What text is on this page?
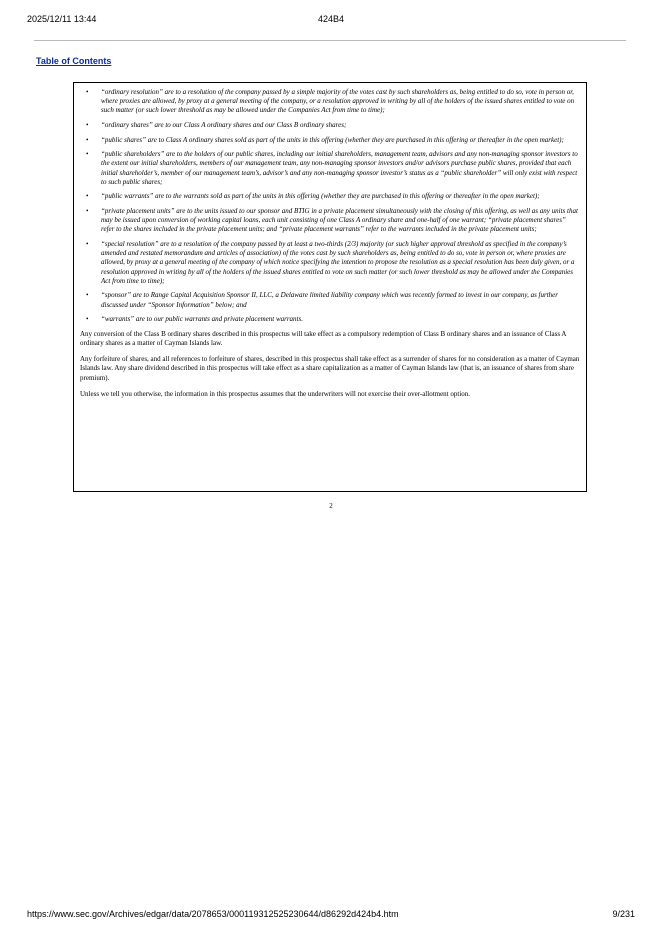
2025/12/11 13:44	424B4
Table of Contents
• “ordinary resolution” are to a resolution of the company passed by a simple majority of the votes cast by such shareholders as, being entitled to do so, vote in person or, where proxies are allowed, by proxy at a general meeting of the company, or a resolution approved in writing by all of the holders of the issued shares entitled to vote on such matter (or such lower threshold as may be allowed under the Companies Act from time to time);
• “ordinary shares” are to our Class A ordinary shares and our Class B ordinary shares;
• “public shares” are to Class A ordinary shares sold as part of the units in this offering (whether they are purchased in this offering or thereafter in the open market);
• “public shareholders” are to the holders of our public shares, including our initial shareholders, management team, advisors and any non-managing sponsor investors to the extent our initial shareholders, members of our management team, any non-managing sponsor investors and/or advisors purchase public shares, provided that each initial shareholder’s, member of our management team’s, advisor’s and any non-managing sponsor investor’s status as a “public shareholder” will only exist with respect to such public shares;
• “public warrants” are to the warrants sold as part of the units in this offering (whether they are purchased in this offering or thereafter in the open market);
• “private placement units” are to the units issued to our sponsor and BTIG in a private placement simultaneously with the closing of this offering, as well as any units that may be issued upon conversion of working capital loans, each unit consisting of one Class A ordinary share and one-half of one warrant; “private placement shares” refer to the shares included in the private placement units; and “private placement warrants” refer to the warrants included in the private placement units;
• “special resolution” are to a resolution of the company passed by at least a two-thirds (2/3) majority (or such higher approval threshold as specified in the company’s amended and restated memorandum and articles of association) of the votes cast by such shareholders as, being entitled to do so, vote in person or, where proxies are allowed, by proxy at a general meeting of the company of which notice specifying the intention to propose the resolution as a special resolution has been duly given, or a resolution approved in writing by all of the holders of the issued shares entitled to vote on such matter (or such lower threshold as may be allowed under the Companies Act from time to time);
• “sponsor” are to Range Capital Acquisition Sponsor II, LLC, a Delaware limited liability company which was recently formed to invest in our company, as further discussed under “Sponsor Information” below; and
• “warrants” are to our public warrants and private placement warrants.

Any conversion of the Class B ordinary shares described in this prospectus will take effect as a compulsory redemption of Class B ordinary shares and an issuance of Class A ordinary shares as a matter of Cayman Islands law.

Any forfeiture of shares, and all references to forfeiture of shares, described in this prospectus shall take effect as a surrender of shares for no consideration as a matter of Cayman Islands law. Any share dividend described in this prospectus will take effect as a share capitalization as a matter of Cayman Islands law (that is, an issuance of shares from share premium).

Unless we tell you otherwise, the information in this prospectus assumes that the underwriters will not exercise their over-allotment option.

2
https://www.sec.gov/Archives/edgar/data/2078653/000119312525230644/d86292d424b4.htm	9/231
